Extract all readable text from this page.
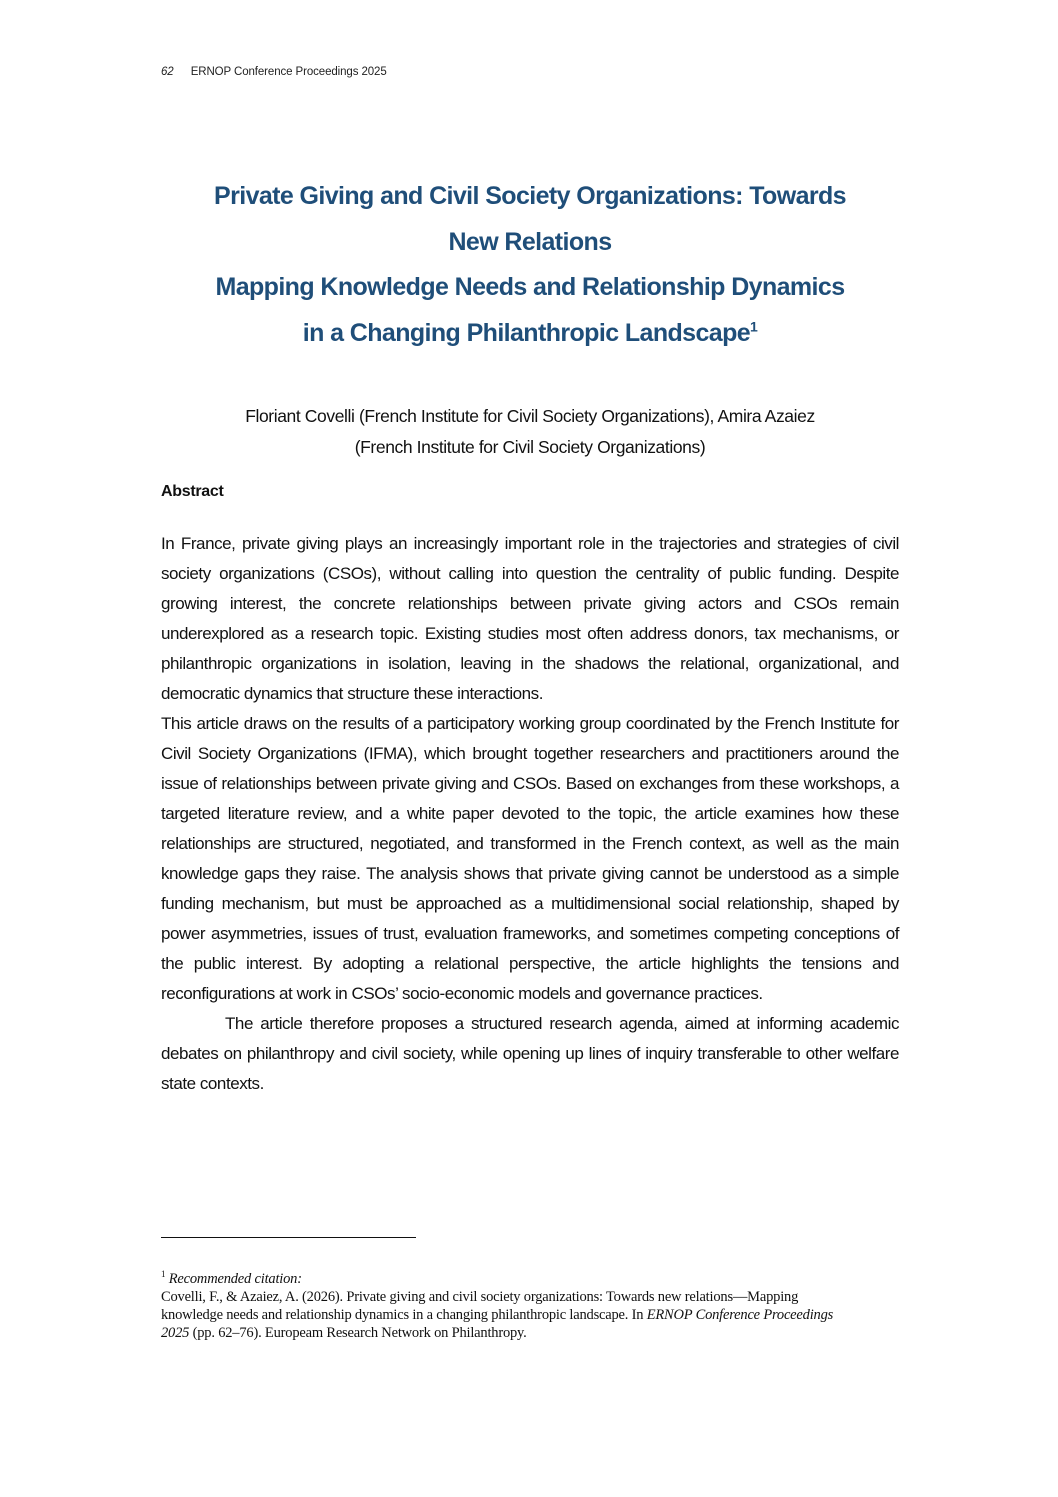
62 ERNOP Conference Proceedings 2025
Private Giving and Civil Society Organizations: Towards
New Relations
Mapping Knowledge Needs and Relationship Dynamics
in a Changing Philanthropic Landscape$^1$
Floriant Covelli (French Institute for Civil Society Organizations), Amira Azaiez
(French Institute for Civil Society Organizations)
Abstract

In France, private giving plays an increasingly important role in the trajectories and strategies of civil society organizations (CSOs), without calling into question the centrality of public funding. Despite growing interest, the concrete relationships between private giving actors and CSOs remain underexplored as a research topic. Existing studies most often address donors, tax mechanisms, or philanthropic organizations in isolation, leaving in the shadows the relational, organizational, and democratic dynamics that structure these interactions.

This article draws on the results of a participatory working group coordinated by the French Institute for Civil Society Organizations (IFMA), which brought together researchers and practitioners around the issue of relationships between private giving and CSOs. Based on exchanges from these workshops, a targeted literature review, and a white paper devoted to the topic, the article examines how these relationships are structured, negotiated, and transformed in the French context, as well as the main knowledge gaps they raise. The analysis shows that private giving cannot be understood as a simple funding mechanism, but must be approached as a multidimensional social relationship, shaped by power asymmetries, issues of trust, evaluation frameworks, and sometimes competing conceptions of the public interest. By adopting a relational perspective, the article highlights the tensions and reconfigurations at work in CSOs’ socio-economic models and governance practices.

The article therefore proposes a structured research agenda, aimed at informing academic debates on philanthropy and civil society, while opening up lines of inquiry transferable to other welfare state contexts.

$^1$ Recommended citation:

Covelli, F., & Azaiez, A. (2026). Private giving and civil society organizations: Towards new relations—Mapping knowledge needs and relationship dynamics in a changing philanthropic landscape. In ERNOP Conference Proceedings 2025 (pp. 62–76). Europeam Research Network on Philanthropy.
